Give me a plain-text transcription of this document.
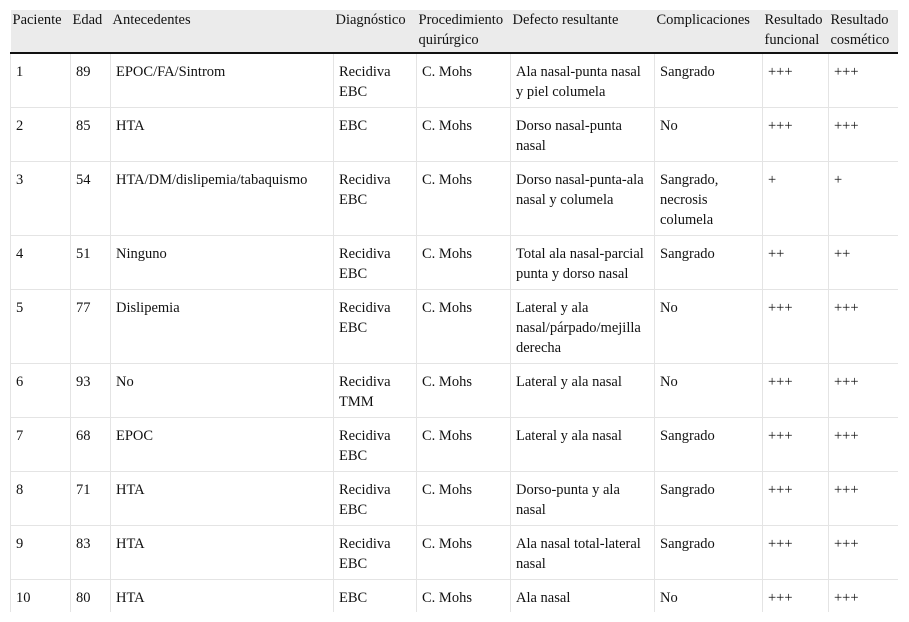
Paciente	Edad	Antecedentes	Diagnóstico	Procedimiento quirúrgico	Defecto resultante	Complicaciones	Resultado funcional	Resultado cosmético
1	89	EPOC/FA/Sintrom	Recidiva EBC	C. Mohs	Ala nasal-punta nasal y piel columela	Sangrado	+++	+++
2	85	HTA	EBC	C. Mohs	Dorso nasal-punta nasal	No	+++	+++
3	54	HTA/DM/dislipemia/tabaquismo	Recidiva EBC	C. Mohs	Dorso nasal-punta-ala nasal y columela	Sangrado, necrosis columela	+	+
4	51	Ninguno	Recidiva EBC	C. Mohs	Total ala nasal-parcial punta y dorso nasal	Sangrado	++	++
5	77	Dislipemia	Recidiva EBC	C. Mohs	Lateral y ala nasal/párpado/mejilla derecha	No	+++	+++
6	93	No	Recidiva TMM	C. Mohs	Lateral y ala nasal	No	+++	+++
7	68	EPOC	Recidiva EBC	C. Mohs	Lateral y ala nasal	Sangrado	+++	+++
8	71	HTA	Recidiva EBC	C. Mohs	Dorso-punta y ala nasal	Sangrado	+++	+++
9	83	HTA	Recidiva EBC	C. Mohs	Ala nasal total-lateral nasal	Sangrado	+++	+++
10	80	HTA	EBC	C. Mohs	Ala nasal	No	+++	+++
